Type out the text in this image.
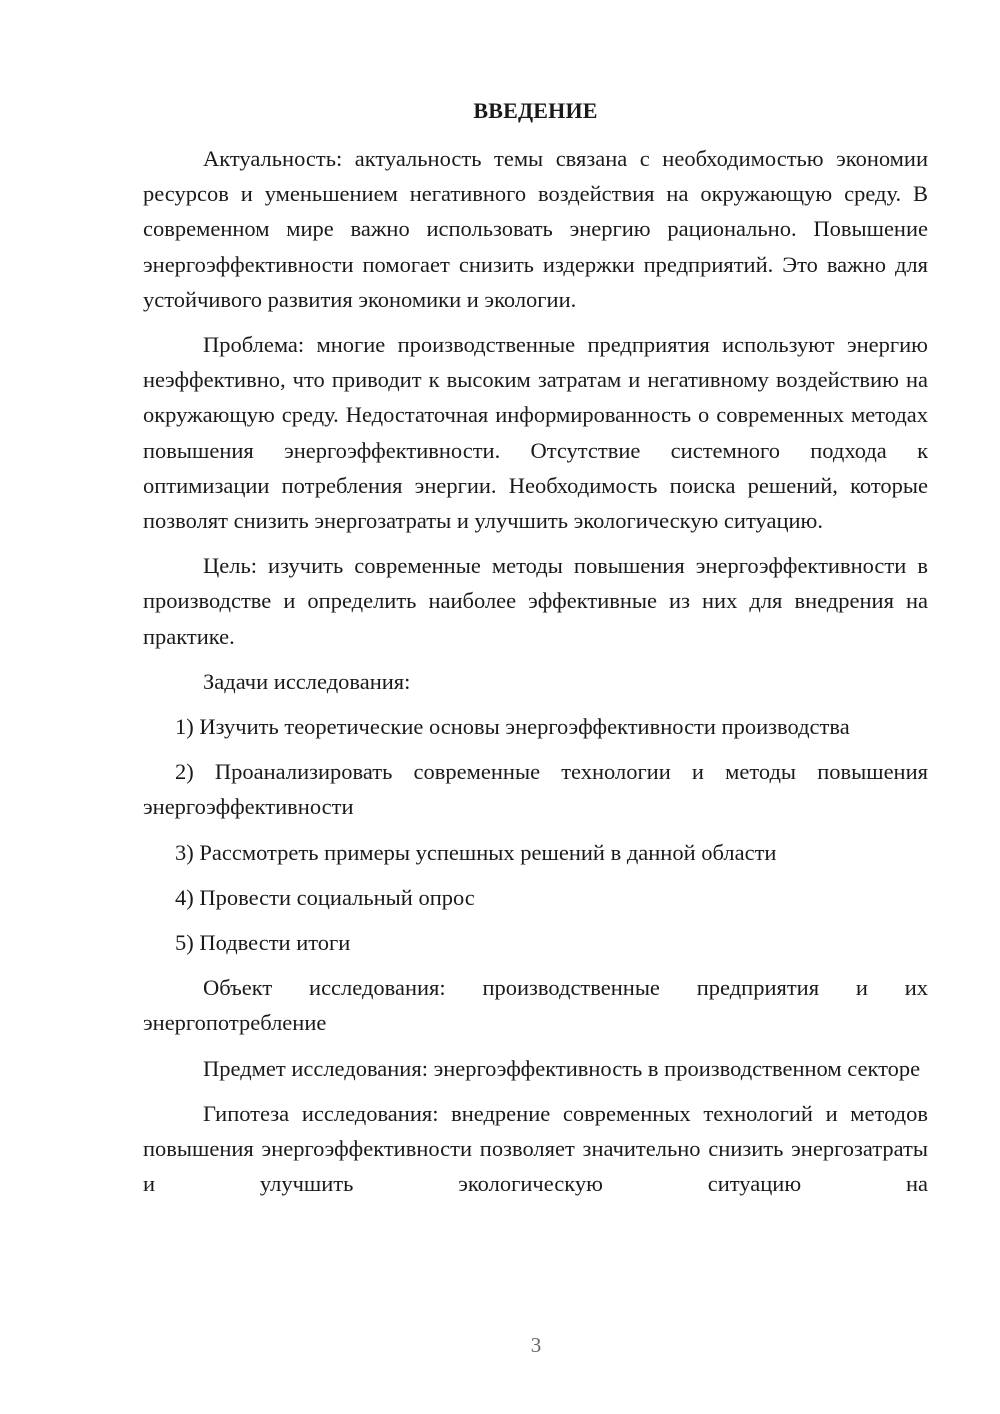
ВВЕДЕНИЕ

Актуальность: актуальность темы связана с необходимостью экономии ресурсов и уменьшением негативного воздействия на окружающую среду. В современном мире важно использовать энергию рационально. Повышение энергоэффективности помогает снизить издержки предприятий. Это важно для устойчивого развития экономики и экологии.

Проблема: многие производственные предприятия используют энергию неэффективно, что приводит к высоким затратам и негативному воздействию на окружающую среду. Недостаточная информированность о современных методах повышения энергоэффективности. Отсутствие системного подхода к оптимизации потребления энергии. Необходимость поиска решений, которые позволят снизить энергозатраты и улучшить экологическую ситуацию.

Цель: изучить современные методы повышения энергоэффективности в производстве и определить наиболее эффективные из них для внедрения на практике.

Задачи исследования:

1) Изучить теоретические основы энергоэффективности производства

2) Проанализировать современные технологии и методы повышения энергоэффективности

3) Рассмотреть примеры успешных решений в данной области

4) Провести социальный опрос

5) Подвести итоги

Объект исследования: производственные предприятия и их энергопотребление

Предмет исследования: энергоэффективность в производственном секторе

Гипотеза исследования: внедрение современных технологий и методов повышения энергоэффективности позволяет значительно снизить энергозатраты и улучшить экологическую ситуацию на

3
